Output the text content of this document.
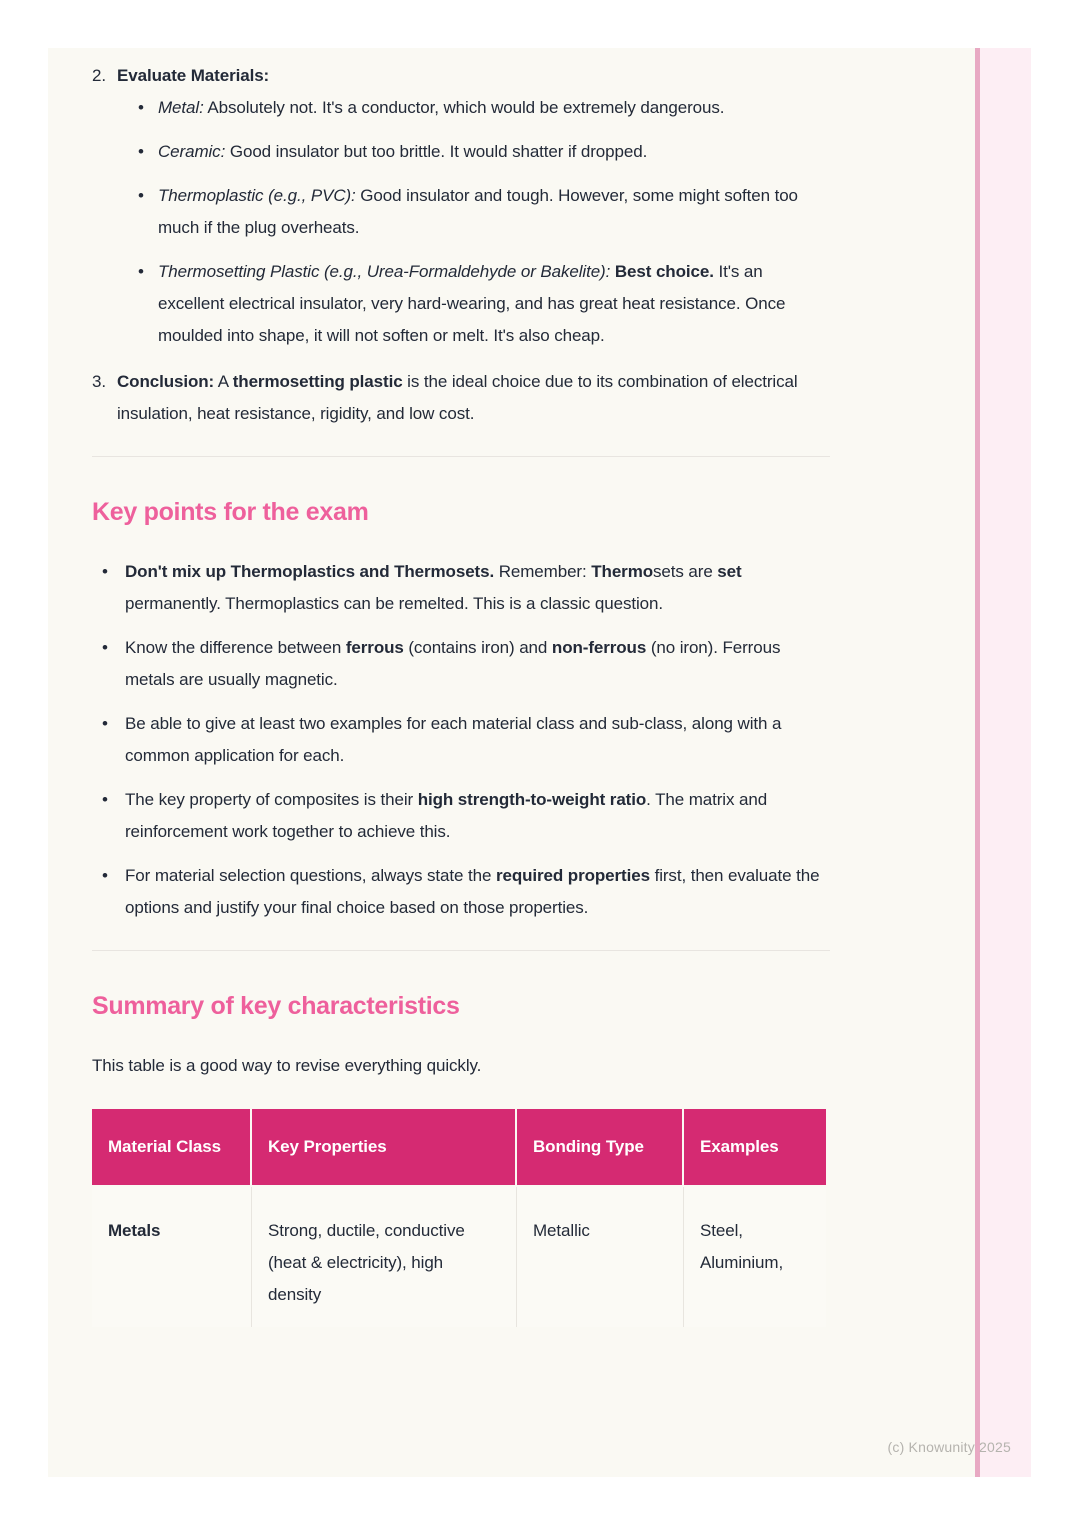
2. Evaluate Materials:
•
Metal: Absolutely not. It's a conductor, which would be extremely dangerous.
•
Ceramic: Good insulator but too brittle. It would shatter if dropped.
•
Thermoplastic (e.g., PVC): Good insulator and tough. However, some might soften too much if the plug overheats.
•
Thermosetting Plastic (e.g., Urea-Formaldehyde or Bakelite): Best choice. It's an excellent electrical insulator, very hard-wearing, and has great heat resistance. Once moulded into shape, it will not soften or melt. It's also cheap.
3. Conclusion: A thermosetting plastic is the ideal choice due to its combination of electrical insulation, heat resistance, rigidity, and low cost.
Key points for the exam
•
Don't mix up Thermoplastics and Thermosets. Remember: Thermosets are set permanently. Thermoplastics can be remelted. This is a classic question.
•
Know the difference between ferrous (contains iron) and non-ferrous (no iron). Ferrous metals are usually magnetic.
•
Be able to give at least two examples for each material class and sub-class, along with a common application for each.
•
The key property of composites is their high strength-to-weight ratio. The matrix and reinforcement work together to achieve this.
•
For material selection questions, always state the required properties first, then evaluate the options and justify your final choice based on those properties.
Summary of key characteristics

This table is a good way to revise everything quickly.

Material Class	Key Properties	Bonding Type	Examples
Metals	Strong, ductile, conductive (heat & electricity), high density	Metallic	Steel, Aluminium,
(c) Knowunity 2025
